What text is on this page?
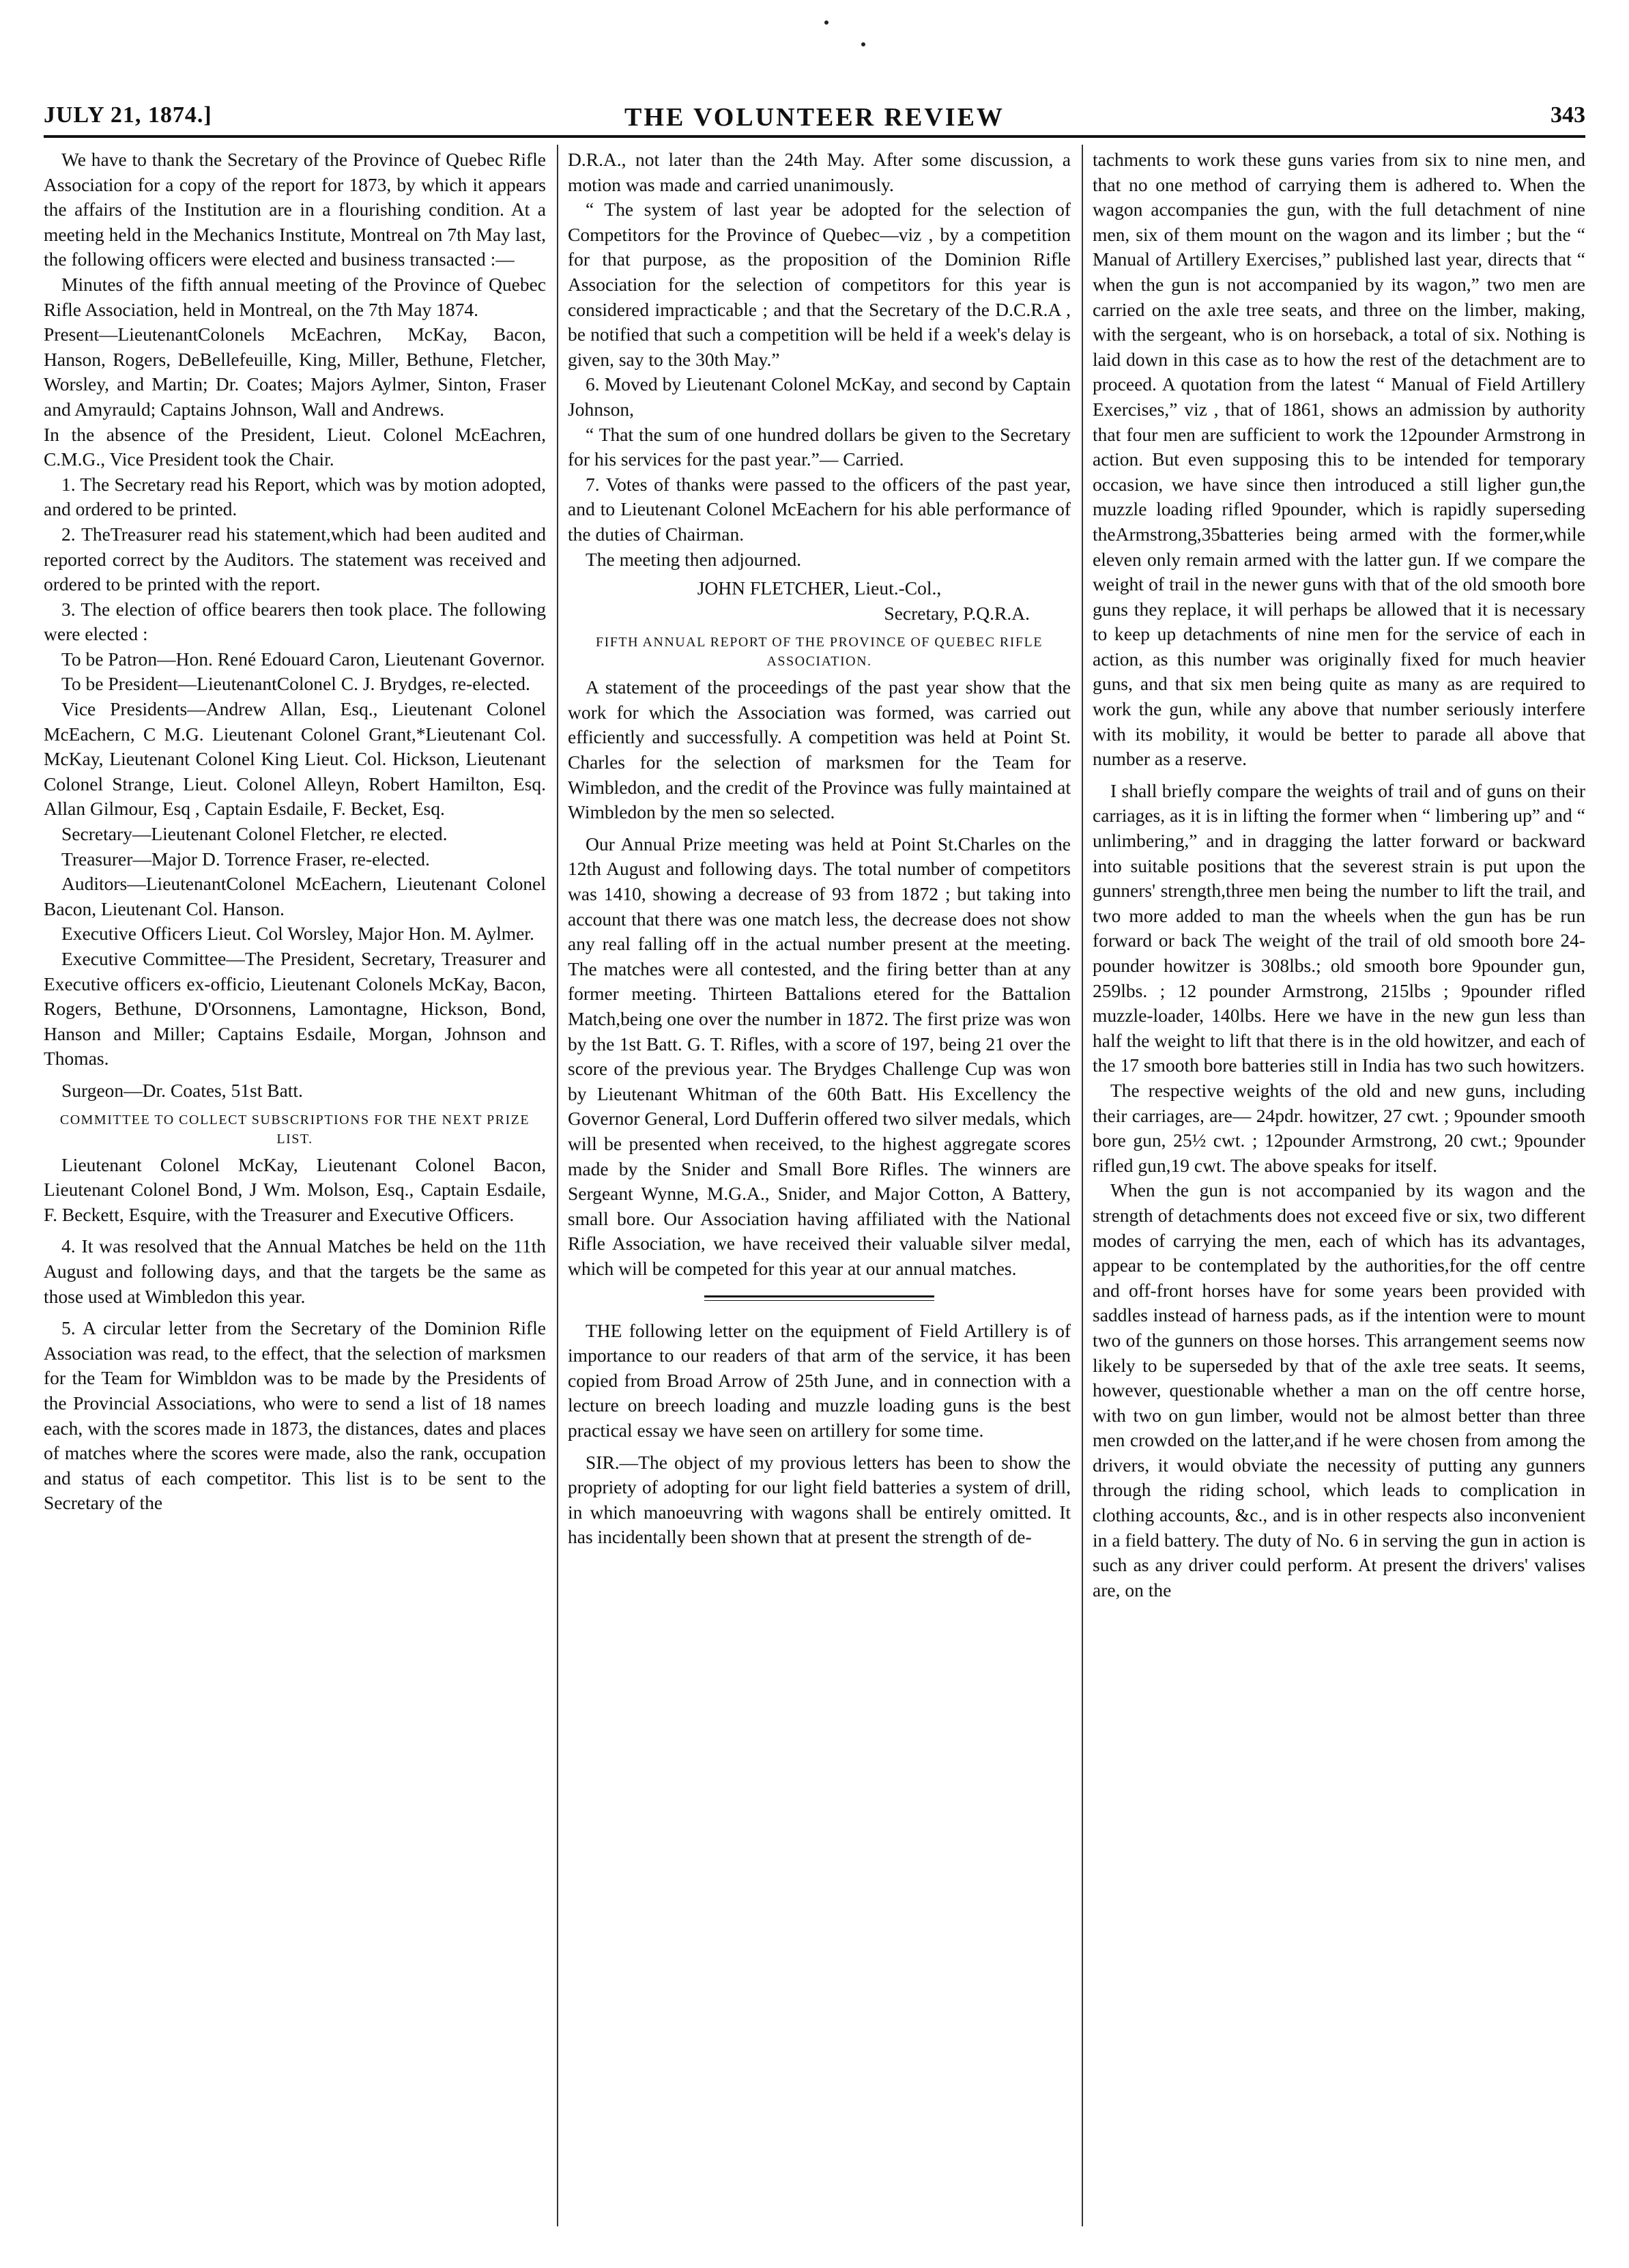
JULY 21, 1874.]	THE VOLUNTEER REVIEW	343

We have to thank the Secretary of the Province of Quebec Rifle Association for a copy of the report for 1873, by which it appears the affairs of the Institution are in a flourishing condition. At a meeting held in the Mechanics Institute, Montreal on 7th May last, the following officers were elected and business transacted :—

Minutes of the fifth annual meeting of the Province of Quebec Rifle Association, held in Montreal, on the 7th May 1874.

Present—LieutenantColonels McEachren, McKay, Bacon, Hanson, Rogers, DeBellefeuille, King, Miller, Bethune, Fletcher, Worsley, and Martin; Dr. Coates; Majors Aylmer, Sinton, Fraser and Amyrauld; Captains Johnson, Wall and Andrews.

In the absence of the President, Lieut. Colonel McEachren, C.M.G., Vice President took the Chair.

1. The Secretary read his Report, which was by motion adopted, and ordered to be printed.

2. TheTreasurer read his statement,which had been audited and reported correct by the Auditors. The statement was received and ordered to be printed with the report.

3. The election of office bearers then took place. The following were elected :

To be Patron—Hon. René Edouard Caron, Lieutenant Governor.

To be President—LieutenantColonel C. J. Brydges, re-elected.

Vice Presidents—Andrew Allan, Esq., Lieutenant Colonel McEachern, C M.G. Lieutenant Colonel Grant,*Lieutenant Col. McKay, Lieutenant Colonel King Lieut. Col. Hickson, Lieutenant Colonel Strange, Lieut. Colonel Alleyn, Robert Hamilton, Esq. Allan Gilmour, Esq , Captain Esdaile, F. Becket, Esq.

Secretary—Lieutenant Colonel Fletcher, re elected.

Treasurer—Major D. Torrence Fraser, re-elected.

Auditors—LieutenantColonel McEachern, Lieutenant Colonel Bacon, Lieutenant Col. Hanson.

Executive Officers Lieut. Col Worsley, Major Hon. M. Aylmer.

Executive Committee—The President, Secretary, Treasurer and Executive officers ex-officio, Lieutenant Colonels McKay, Bacon, Rogers, Bethune, D'Orsonnens, Lamontagne, Hickson, Bond, Hanson and Miller; Captains Esdaile, Morgan, Johnson and Thomas.

Surgeon—Dr. Coates, 51st Batt.

COMMITTEE TO COLLECT SUBSCRIPTIONS FOR THE NEXT PRIZE LIST.

Lieutenant Colonel McKay, Lieutenant Colonel Bacon, Lieutenant Colonel Bond, J Wm. Molson, Esq., Captain Esdaile, F. Beckett, Esquire, with the Treasurer and Executive Officers.

4. It was resolved that the Annual Matches be held on the 11th August and following days, and that the targets be the same as those used at Wimbledon this year.

5. A circular letter from the Secretary of the Dominion Rifle Association was read, to the effect, that the selection of marksmen for the Team for Wimbldon was to be made by the Presidents of the Provincial Associations, who were to send a list of 18 names each, with the scores made in 1873, the distances, dates and places of matches where the scores were made, also the rank, occupation and status of each competitor. This list is to be sent to the Secretary of the

D.R.A., not later than the 24th May. After some discussion, a motion was made and carried unanimously.

“ The system of last year be adopted for the selection of Competitors for the Province of Quebec—viz , by a competition for that purpose, as the proposition of the Dominion Rifle Association for the selection of competitors for this year is considered impracticable ; and that the Secretary of the D.C.R.A , be notified that such a competition will be held if a week's delay is given, say to the 30th May.”

6. Moved by Lieutenant Colonel McKay, and second by Captain Johnson,

“ That the sum of one hundred dollars be given to the Secretary for his services for the past year.”— Carried.

7. Votes of thanks were passed to the officers of the past year, and to Lieutenant Colonel McEachern for his able performance of the duties of Chairman.

The meeting then adjourned.

JOHN FLETCHER, Lieut.-Col.,

Secretary, P.Q.R.A.

FIFTH ANNUAL REPORT OF THE PROVINCE OF QUEBEC RIFLE ASSOCIATION.

A statement of the proceedings of the past year show that the work for which the Association was formed, was carried out efficiently and successfully. A competition was held at Point St. Charles for the selection of marksmen for the Team for Wimbledon, and the credit of the Province was fully maintained at Wimbledon by the men so selected.

Our Annual Prize meeting was held at Point St.Charles on the 12th August and following days. The total number of competitors was 1410, showing a decrease of 93 from 1872 ; but taking into account that there was one match less, the decrease does not show any real falling off in the actual number present at the meeting. The matches were all contested, and the firing better than at any former meeting. Thirteen Battalions etered for the Battalion Match,being one over the number in 1872. The first prize was won by the 1st Batt. G. T. Rifles, with a score of 197, being 21 over the score of the previous year. The Brydges Challenge Cup was won by Lieutenant Whitman of the 60th Batt. His Excellency the Governor General, Lord Dufferin offered two silver medals, which will be presented when received, to the highest aggregate scores made by the Snider and Small Bore Rifles. The winners are Sergeant Wynne, M.G.A., Snider, and Major Cotton, A Battery, small bore. Our Association having affiliated with the National Rifle Association, we have received their valuable silver medal, which will be competed for this year at our annual matches.

THE following letter on the equipment of Field Artillery is of importance to our readers of that arm of the service, it has been copied from Broad Arrow of 25th June, and in connection with a lecture on breech loading and muzzle loading guns is the best practical essay we have seen on artillery for some time.

SIR.—The object of my provious letters has been to show the propriety of adopting for our light field batteries a system of drill, in which manoeuvring with wagons shall be entirely omitted. It has incidentally been shown that at present the strength of de-

tachments to work these guns varies from six to nine men, and that no one method of carrying them is adhered to. When the wagon accompanies the gun, with the full detachment of nine men, six of them mount on the wagon and its limber ; but the “ Manual of Artillery Exercises,” published last year, directs that “ when the gun is not accompanied by its wagon,” two men are carried on the axle tree seats, and three on the limber, making, with the sergeant, who is on horseback, a total of six. Nothing is laid down in this case as to how the rest of the detachment are to proceed. A quotation from the latest “ Manual of Field Artillery Exercises,” viz , that of 1861, shows an admission by authority that four men are sufficient to work the 12pounder Armstrong in action. But even supposing this to be intended for temporary occasion, we have since then introduced a still ligher gun,the muzzle loading rifled 9pounder, which is rapidly superseding theArmstrong,35batteries being armed with the former,while eleven only remain armed with the latter gun. If we compare the weight of trail in the newer guns with that of the old smooth bore guns they replace, it will perhaps be allowed that it is necessary to keep up detachments of nine men for the service of each in action, as this number was originally fixed for much heavier guns, and that six men being quite as many as are required to work the gun, while any above that number seriously interfere with its mobility, it would be better to parade all above that number as a reserve.

I shall briefly compare the weights of trail and of guns on their carriages, as it is in lifting the former when “ limbering up” and “ unlimbering,” and in dragging the latter forward or backward into suitable positions that the severest strain is put upon the gunners' strength,three men being the number to lift the trail, and two more added to man the wheels when the gun has be run forward or back The weight of the trail of old smooth bore 24-pounder howitzer is 308lbs.; old smooth bore 9pounder gun, 259lbs. ; 12 pounder Armstrong, 215lbs ; 9pounder rifled muzzle-loader, 140lbs. Here we have in the new gun less than half the weight to lift that there is in the old howitzer, and each of the 17 smooth bore batteries still in India has two such howitzers.

The respective weights of the old and new guns, including their carriages, are— 24pdr. howitzer, 27 cwt. ; 9pounder smooth bore gun, 25½ cwt. ; 12pounder Armstrong, 20 cwt.; 9pounder rifled gun,19 cwt. The above speaks for itself.

When the gun is not accompanied by its wagon and the strength of detachments does not exceed five or six, two different modes of carrying the men, each of which has its advantages, appear to be contemplated by the authorities,for the off centre and off-front horses have for some years been provided with saddles instead of harness pads, as if the intention were to mount two of the gunners on those horses. This arrangement seems now likely to be superseded by that of the axle tree seats. It seems, however, questionable whether a man on the off centre horse, with two on gun limber, would not be almost better than three men crowded on the latter,and if he were chosen from among the drivers, it would obviate the necessity of putting any gunners through the riding school, which leads to complication in clothing accounts, &c., and is in other respects also inconvenient in a field battery. The duty of No. 6 in serving the gun in action is such as any driver could perform. At present the drivers' valises are, on the
